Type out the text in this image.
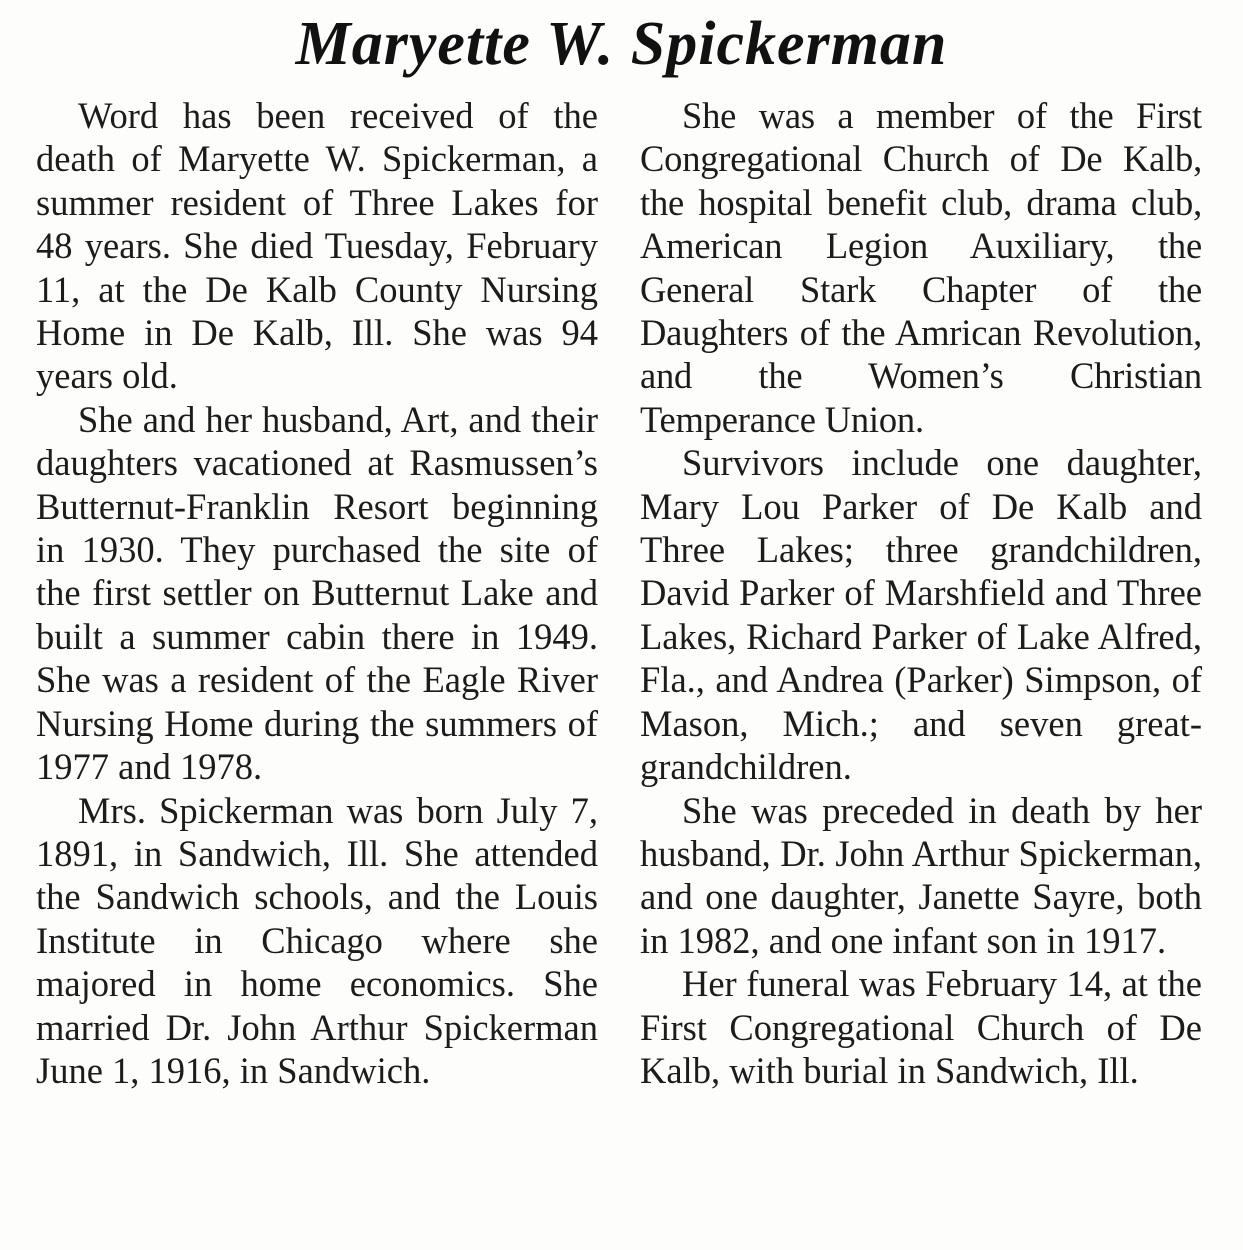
Maryette W. Spickerman

Word has been received of the death of Maryette W. Spickerman, a summer resident of Three Lakes for 48 years. She died Tuesday, February 11, at the De Kalb County Nursing Home in De Kalb, Ill. She was 94 years old.

She and her husband, Art, and their daughters vacationed at Rasmussen’s Butternut-Franklin Resort beginning in 1930. They purchased the site of the first settler on Butternut Lake and built a summer cabin there in 1949. She was a resident of the Eagle River Nursing Home during the summers of 1977 and 1978.

Mrs. Spickerman was born July 7, 1891, in Sandwich, Ill. She attended the Sandwich schools, and the Louis Institute in Chicago where she majored in home economics. She married Dr. John Arthur Spickerman June 1, 1916, in Sandwich.

She was a member of the First Congregational Church of De Kalb, the hospital benefit club, drama club, American Legion Auxiliary, the General Stark Chapter of the Daughters of the Amrican Revolution, and the Women’s Christian Temperance Union.

Survivors include one daughter, Mary Lou Parker of De Kalb and Three Lakes; three grandchildren, David Parker of Marshfield and Three Lakes, Richard Parker of Lake Alfred, Fla., and Andrea (Parker) Simpson, of Mason, Mich.; and seven great-grandchildren.

She was preceded in death by her husband, Dr. John Arthur Spickerman, and one daughter, Janette Sayre, both in 1982, and one infant son in 1917.

Her funeral was February 14, at the First Congregational Church of De Kalb, with burial in Sandwich, Ill.
